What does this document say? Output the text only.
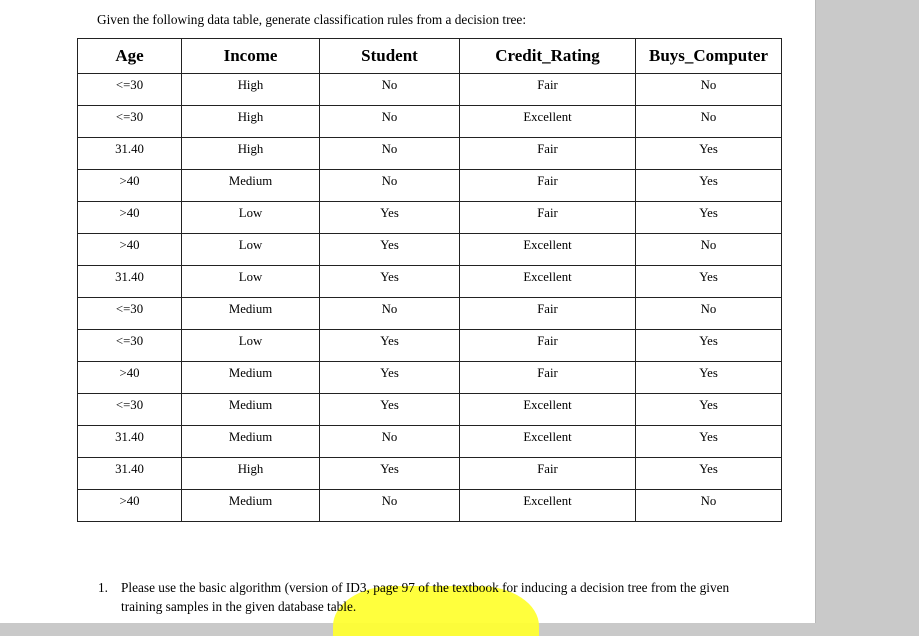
Given the following data table, generate classification rules from a decision tree:
Age	Income	Student	Credit_Rating	Buys_Computer
<=30	High	No	Fair	No
<=30	High	No	Excellent	No
31.40	High	No	Fair	Yes
>40	Medium	No	Fair	Yes
>40	Low	Yes	Fair	Yes
>40	Low	Yes	Excellent	No
31.40	Low	Yes	Excellent	Yes
<=30	Medium	No	Fair	No
<=30	Low	Yes	Fair	Yes
>40	Medium	Yes	Fair	Yes
<=30	Medium	Yes	Excellent	Yes
31.40	Medium	No	Excellent	Yes
31.40	High	Yes	Fair	Yes
>40	Medium	No	Excellent	No
1. Please use the basic algorithm (version of ID3, page 97 of the textbook for inducing a decision tree from the given training samples in the given database table.
